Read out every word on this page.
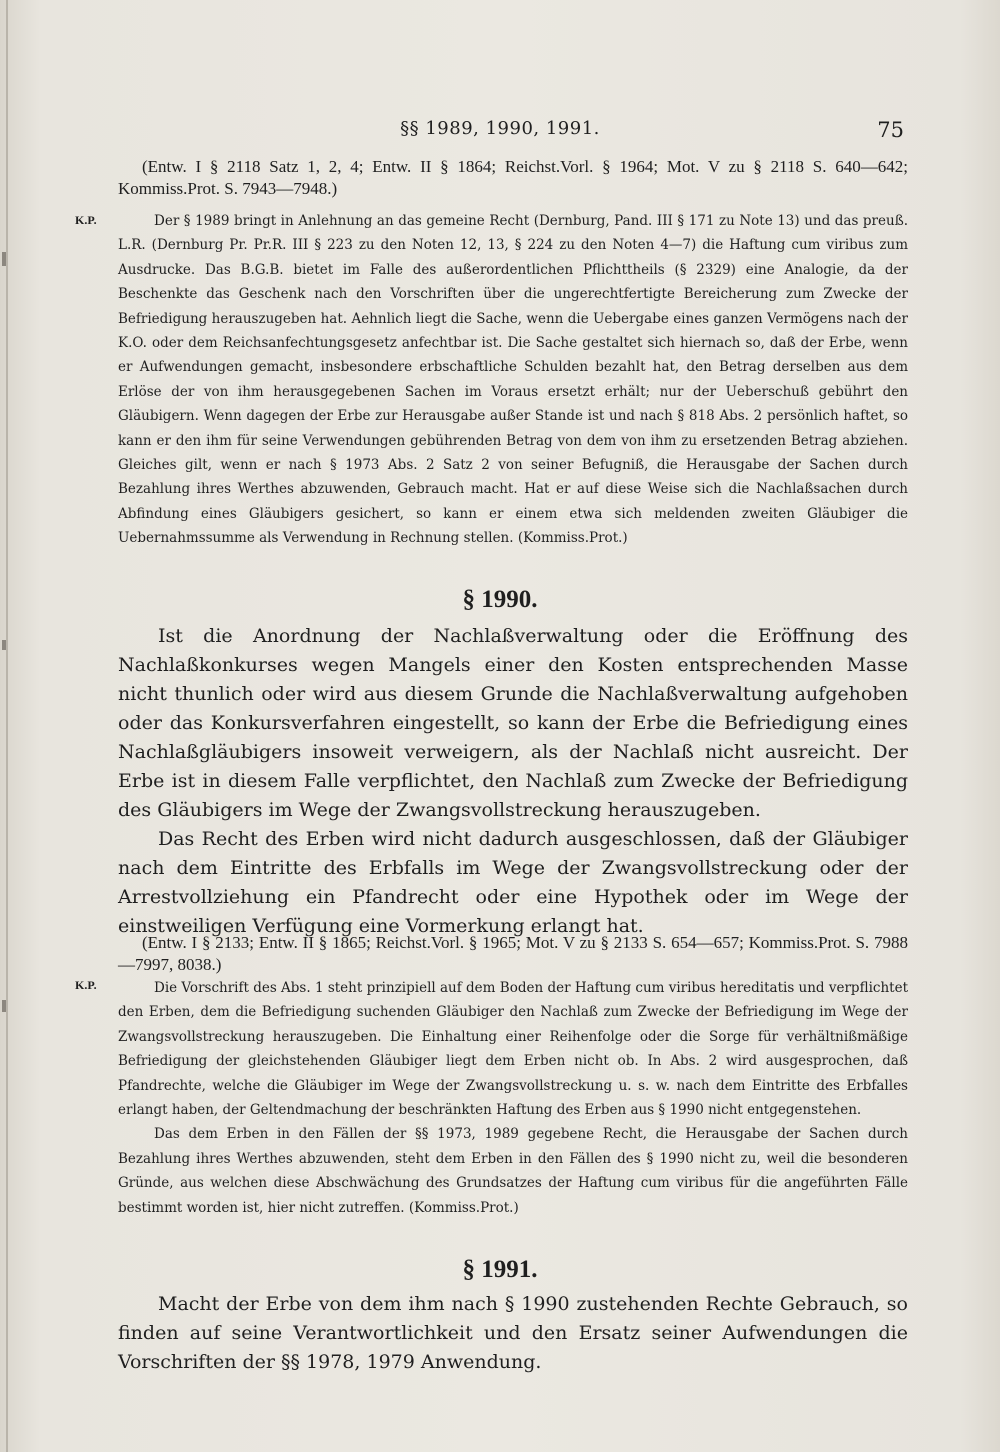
§§ 1989, 1990, 1991.	75

(Entw. I § 2118 Satz 1, 2, 4; Entw. II § 1864; Reichst.Vorl. § 1964; Mot. V zu § 2118 S. 640—642; Kommiss.Prot. S. 7943—7948.)

K.P.	Der § 1989 bringt in Anlehnung an das gemeine Recht (Dernburg, Pand. III § 171 zu Note 13) und das preuß. L.R. (Dernburg Pr. Pr.R. III § 223 zu den Noten 12, 13, § 224 zu den Noten 4—7) die Haftung cum viribus zum Ausdrucke. Das B.G.B. bietet im Falle des außerordentlichen Pflichttheils (§ 2329) eine Analogie, da der Beschenkte das Geschenk nach den Vorschriften über die ungerechtfertigte Bereicherung zum Zwecke der Befriedigung herauszugeben hat. Aehnlich liegt die Sache, wenn die Uebergabe eines ganzen Vermögens nach der K.O. oder dem Reichsanfechtungsgesetz anfechtbar ist. Die Sache gestaltet sich hiernach so, daß der Erbe, wenn er Aufwendungen gemacht, insbesondere erbschaftliche Schulden bezahlt hat, den Betrag derselben aus dem Erlöse der von ihm herausgegebenen Sachen im Voraus ersetzt erhält; nur der Ueberschuß gebührt den Gläubigern. Wenn dagegen der Erbe zur Herausgabe außer Stande ist und nach § 818 Abs. 2 persönlich haftet, so kann er den ihm für seine Verwendungen gebührenden Betrag von dem von ihm zu ersetzenden Betrag abziehen. Gleiches gilt, wenn er nach § 1973 Abs. 2 Satz 2 von seiner Befugniß, die Herausgabe der Sachen durch Bezahlung ihres Werthes abzuwenden, Gebrauch macht. Hat er auf diese Weise sich die Nachlaßsachen durch Abfindung eines Gläubigers gesichert, so kann er einem etwa sich meldenden zweiten Gläubiger die Uebernahmssumme als Verwendung in Rechnung stellen. (Kommiss.Prot.)

§ 1990.

Ist die Anordnung der Nachlaßverwaltung oder die Eröffnung des Nachlaßkonkurses wegen Mangels einer den Kosten entsprechenden Masse nicht thunlich oder wird aus diesem Grunde die Nachlaßverwaltung aufgehoben oder das Konkursverfahren eingestellt, so kann der Erbe die Befriedigung eines Nachlaßgläubigers insoweit verweigern, als der Nachlaß nicht ausreicht. Der Erbe ist in diesem Falle verpflichtet, den Nachlaß zum Zwecke der Befriedigung des Gläubigers im Wege der Zwangsvollstreckung herauszugeben.

Das Recht des Erben wird nicht dadurch ausgeschlossen, daß der Gläubiger nach dem Eintritte des Erbfalls im Wege der Zwangsvollstreckung oder der Arrestvollziehung ein Pfandrecht oder eine Hypothek oder im Wege der einstweiligen Verfügung eine Vormerkung erlangt hat.

(Entw. I § 2133; Entw. II § 1865; Reichst.Vorl. § 1965; Mot. V zu § 2133 S. 654—657; Kommiss.Prot. S. 7988—7997, 8038.)

K.P.	Die Vorschrift des Abs. 1 steht prinzipiell auf dem Boden der Haftung cum viribus hereditatis und verpflichtet den Erben, dem die Befriedigung suchenden Gläubiger den Nachlaß zum Zwecke der Befriedigung im Wege der Zwangsvollstreckung herauszugeben. Die Einhaltung einer Reihenfolge oder die Sorge für verhältnißmäßige Befriedigung der gleichstehenden Gläubiger liegt dem Erben nicht ob. In Abs. 2 wird ausgesprochen, daß Pfandrechte, welche die Gläubiger im Wege der Zwangsvollstreckung u. s. w. nach dem Eintritte des Erbfalles erlangt haben, der Geltendmachung der beschränkten Haftung des Erben aus § 1990 nicht entgegenstehen.

Das dem Erben in den Fällen der §§ 1973, 1989 gegebene Recht, die Herausgabe der Sachen durch Bezahlung ihres Werthes abzuwenden, steht dem Erben in den Fällen des § 1990 nicht zu, weil die besonderen Gründe, aus welchen diese Abschwächung des Grundsatzes der Haftung cum viribus für die angeführten Fälle bestimmt worden ist, hier nicht zutreffen. (Kommiss.Prot.)

§ 1991.

Macht der Erbe von dem ihm nach § 1990 zustehenden Rechte Gebrauch, so finden auf seine Verantwortlichkeit und den Ersatz seiner Aufwendungen die Vorschriften der §§ 1978, 1979 Anwendung.
